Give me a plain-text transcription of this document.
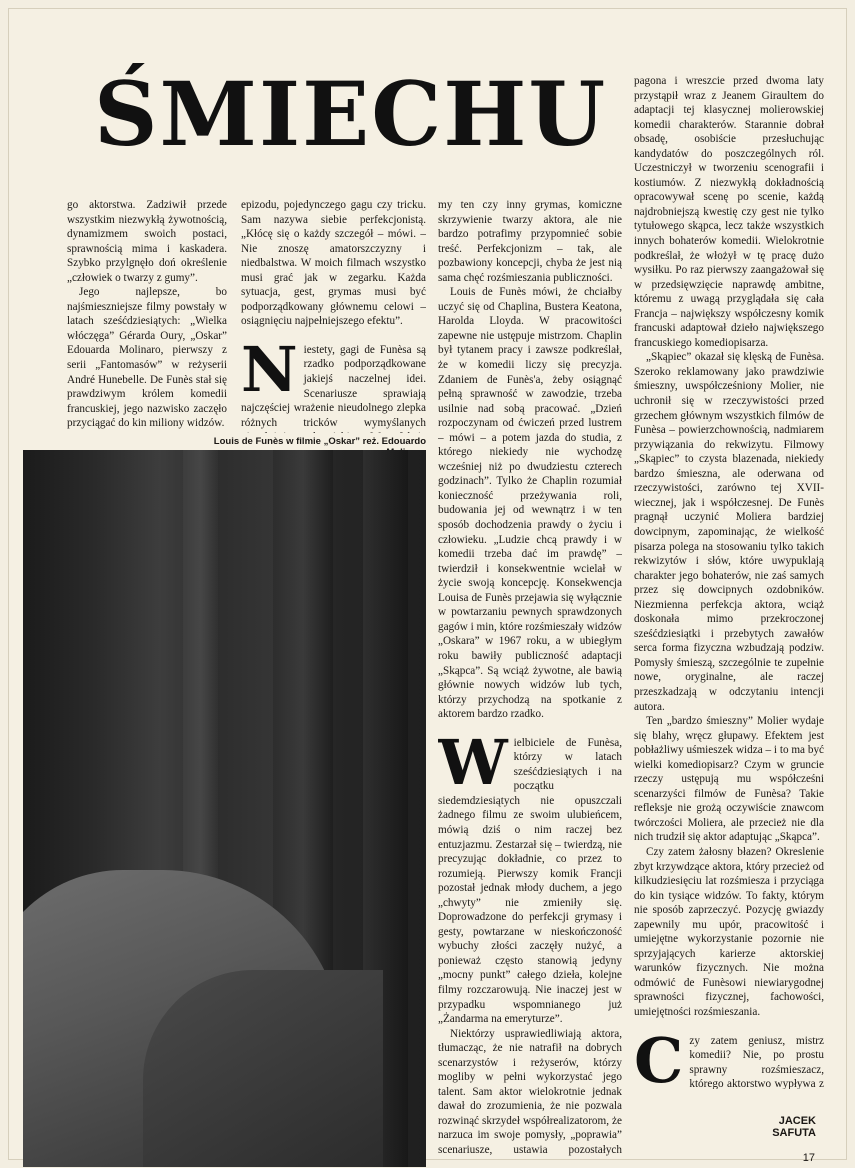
ŚMIECHU

go aktorstwa. Zadziwił przede wszystkim niezwykłą żywotnością, dynamizmem swoich postaci, sprawnością mima i kaskadera. Szybko przylgnęło doń określenie „człowiek o twarzy z gumy”.

Jego najlepsze, bo najśmieszniejsze filmy powstały w latach sześćdziesiątych: „Wielka włóczęga” Gérarda Oury, „Oskar” Edouarda Molinaro, pierwszy z serii „Fantomasów” w reżyserii André Hunebelle. De Funès stał się prawdziwym królem komedii francuskiej, jego nazwisko zaczęło przyciągać do kin miliony widzów.

epizodu, pojedynczego gagu czy tricku. Sam nazywa siebie perfekcjonistą. „Kłócę się o każdy szczegół – mówi. – Nie znoszę amatorszczyzny i niedbalstwa. W moich filmach wszystko musi grać jak w zegarku. Każda sytuacja, gest, grymas musi być podporządkowany głównemu celowi – osiągnięciu najpełniejszego efektu”.

Niestety, gagi de Funèsa są rzadko podporządkowane jakiejś naczelnej idei. Scenariusze sprawiają najczęściej wrażenie nieudolnego zlepka różnych tricków wymyślanych

my ten czy inny grymas, komiczne skrzywienie twarzy aktora, ale nie bardzo potrafimy przypomnieć sobie treść. Perfekcjonizm – tak, ale pozbawiony koncepcji, chyba że jest nią sama chęć rozśmieszania publiczności.

Louis de Funès mówi, że chciałby uczyć się od Chaplina, Bustera Keatona, Harolda Lloyda. W pracowitości zapewne nie ustępuje mistrzom. Chaplin był tytanem pracy i zawsze podkreślał, że w komedii liczy się precyzja. Zdaniem de Funès'a, żeby osiągnąć pełną sprawność w zawodzie, trzeba usilnie nad sobą pracować. „Dzień rozpoczynam od ćwiczeń przed lustrem – mówi – a potem jazda do studia, z którego niekiedy nie wychodzę wcześniej niż po dwudziestu czterech godzinach”. Tylko że Chaplin rozumiał konieczność przeżywania roli, budowania jej od wewnątrz i w ten sposób dochodzenia prawdy o życiu i człowieku. „Ludzie chcą prawdy i w komedii trzeba dać im prawdę” – twierdził i konsekwentnie wcielał w życie swoją koncepcję. Konsekwencja Louisa de Funès przejawia się wyłącznie w powtarzaniu pewnych sprawdzonych gagów i min, które rozśmieszały widzów „Oskara” w 1967 roku, a w ubiegłym roku bawiły publiczność adaptacji „Skąpca”. Są wciąż żywotne, ale bawią głównie nowych widzów lub tych, którzy przychodzą na spotkanie z aktorem bardzo rzadko.

Wielbiciele de Funèsa, którzy w latach sześćdziesiątych i na początku siedemdziesiątych nie opuszczali żadnego filmu ze swoim ulubieńcem, mówią dziś o nim raczej bez entuzjazmu. Zestarzał się – twierdzą, nie precyzując dokładnie, co przez to rozumieją. Pierwszy komik Francji pozostał jednak młody duchem, a jego „chwyty” nie zmieniły się. Doprowadzone do perfekcji grymasy i gesty, powtarzane w nieskończoność wybuchy złości zaczęły nużyć, a ponieważ często stanowią jedyny „mocny punkt” całego dzieła, kolejne filmy rozczarowują. Nie inaczej jest w przypadku wspomnianego już „Żandarma na emeryturze”.

Niektórzy usprawiedliwiają aktora, tłumacząc, że nie natrafił na dobrych scenarzystów i reżyserów, którzy mogliby w pełni wykorzystać jego talent. Sam aktor wielokrotnie jednak dawał do zrozumienia, że nie pozwala rozwinąć skrzydeł współrealizatorom, że narzuca im swoje pomysły, „poprawia” scenariusze, ustawia pozostałych

pagona i wreszcie przed dwoma laty przystąpił wraz z Jeanem Giraultem do adaptacji tej klasycznej molierowskiej komedii charakterów. Starannie dobrał obsadę, osobiście przesłuchując kandydatów do poszczególnych ról. Uczestniczył w tworzeniu scenografii i kostiumów. Z niezwykłą dokładnością opracowywał scenę po scenie, każdą najdrobniejszą kwestię czy gest nie tylko tytułowego skąpca, lecz także wszystkich innych bohaterów komedii. Wielokrotnie podkreślał, że włożył w tę pracę dużo wysiłku. Po raz pierwszy zaangażował się w przedsięwzięcie naprawdę ambitne, któremu z uwagą przyglądała się cała Francja – największy współczesny komik francuski adaptował dzieło największego francuskiego komediopisarza.

„Skąpiec” okazał się klęską de Funèsa. Szeroko reklamowany jako prawdziwie śmieszny, uwspółcześniony Molier, nie uchronił się w rzeczywistości przed grzechem głównym wszystkich filmów de Funèsa – powierzchownością, nadmiarem przywiązania do rekwizytu. Filmowy „Skąpiec” to czysta blazenada, niekiedy bardzo śmieszna, ale oderwana od rzeczywistości, zarówno tej XVII-wiecznej, jak i współczesnej. De Funès pragnął uczynić Moliera bardziej dowcipnym, zapominając, że wielkość pisarza polega na stosowaniu tylko takich rekwizytów i słów, które uwypuklają charakter jego bohaterów, nie zaś samych przez się dowcipnych ozdobników. Niezmienna perfekcja aktora, wciąż doskonała mimo przekroczonej sześćdziesiątki i przebytych zawałów serca forma fizyczna wzbudzają podziw. Pomysły śmieszą, szczególnie te zupełnie nowe, oryginalne, ale raczej przeszkadzają w odczytaniu intencji autora.

Ten „bardzo śmieszny” Molier wydaje się blahy, wręcz głupawy. Efektem jest pobłażliwy uśmieszek widza – i to ma być wielki komediopisarz? Czym w gruncie rzeczy ustępują mu współcześni scenarzyści filmów de Funèsa? Takie refleksje nie grożą oczywiście znawcom twórczości Moliera, ale przecież nie dla nich trudził się aktor adaptując „Skąpca”.

Czy zatem żałosny błazen? Okreslenie zbyt krzywdzące aktora, który przecież od kilkudziesięciu lat rozśmiesza i przyciąga do kin tysiące widzów. To fakty, którym nie sposób zaprzeczyć. Pozycję gwiazdy zapewnily mu upór, pracowitość i umiejętne wykorzystanie pozornie nie sprzyjających karierze aktorskiej warunków fizycznych. Nie można odmówić de Funèsowi niewiarygodnej sprawności fizycznej, fachowości, umiejętności rozśmieszania.

Czy zatem geniusz, mistrz komedii? Nie, po prostu sprawny rozśmieszacz, którego aktorstwo wypływa z

Louis de Funès w filmie „Oskar” reż. Edouardo
JACEK
SAFUTA
17
